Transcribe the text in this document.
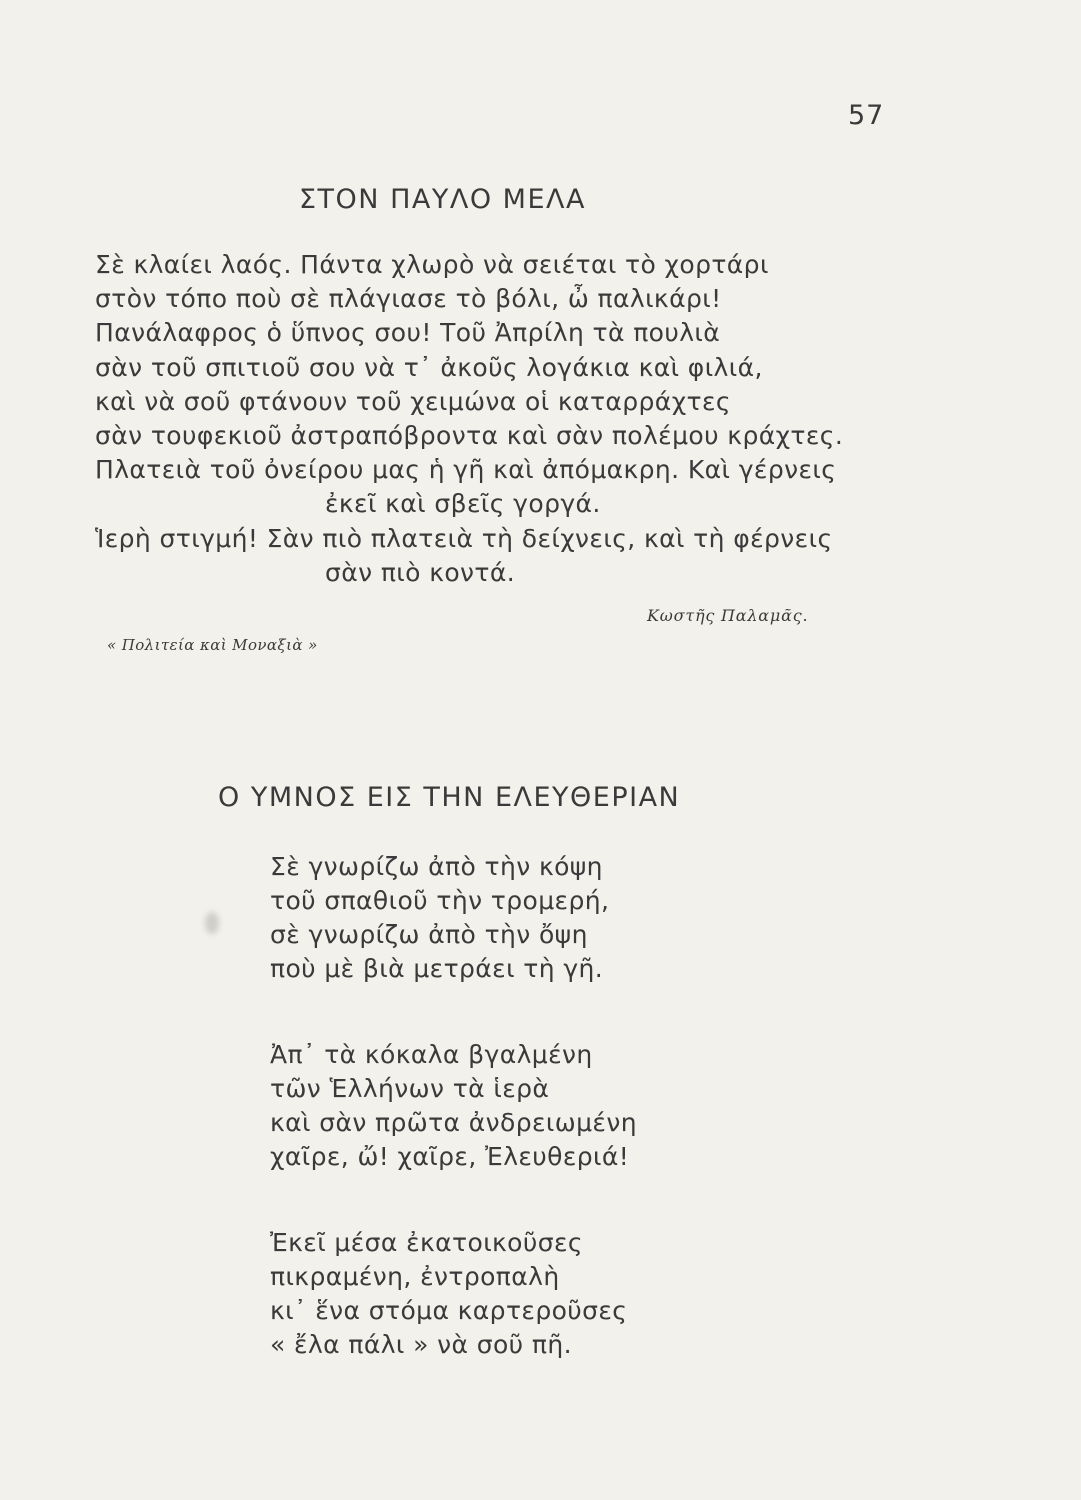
57
ΣΤΟΝ ΠΑΥΛΟ ΜΕΛΑ
Σὲ κλαίει λαός. Πάντα χλωρὸ νὰ σειέται τὸ χορτάρι
στὸν τόπο ποὺ σὲ πλάγιασε τὸ βόλι, ὦ παλικάρι!
Πανάλαφρος ὁ ὕπνος σου! Τοῦ Ἀπρίλη τὰ πουλιὰ
σὰν τοῦ σπιτιοῦ σου νὰ τ᾽ ἀκοῦς λογάκια καὶ φιλιά,
καὶ νὰ σοῦ φτάνουν τοῦ χειμώνα οἱ καταρράχτες
σὰν τουφεκιοῦ ἀστραπόβροντα καὶ σὰν πολέμου κράχτες.
Πλατειὰ τοῦ ὀνείρου μας ἡ γῆ καὶ ἀπόμακρη. Καὶ γέρνεις
ἐκεῖ καὶ σβεῖς γοργά.
Ἱερὴ στιγμή! Σὰν πιὸ πλατειὰ τὴ δείχνεις, καὶ τὴ φέρνεις
σὰν πιὸ κοντά.
Κωστῆς Παλαμᾶς.
« Πολιτεία καὶ Μοναξιὰ »
Ο ΥΜΝΟΣ ΕΙΣ ΤΗΝ ΕΛΕΥΘΕΡΙΑΝ
Σὲ γνωρίζω ἀπὸ τὴν κόψη
τοῦ σπαθιοῦ τὴν τρομερή,
σὲ γνωρίζω ἀπὸ τὴν ὄψη
ποὺ μὲ βιὰ μετράει τὴ γῆ.
Ἀπ᾿ τὰ κόκαλα βγαλμένη
τῶν Ἑλλήνων τὰ ἱερὰ
καὶ σὰν πρῶτα ἀνδρειωμένη
χαῖρε, ὤ! χαῖρε, Ἐλευθεριά!
Ἐκεῖ μέσα ἐκατοικοῦσες
πικραμένη, ἐντροπαλὴ
κι᾽ ἕνα στόμα καρτεροῦσες
« ἔλα πάλι » νὰ σοῦ πῆ.
